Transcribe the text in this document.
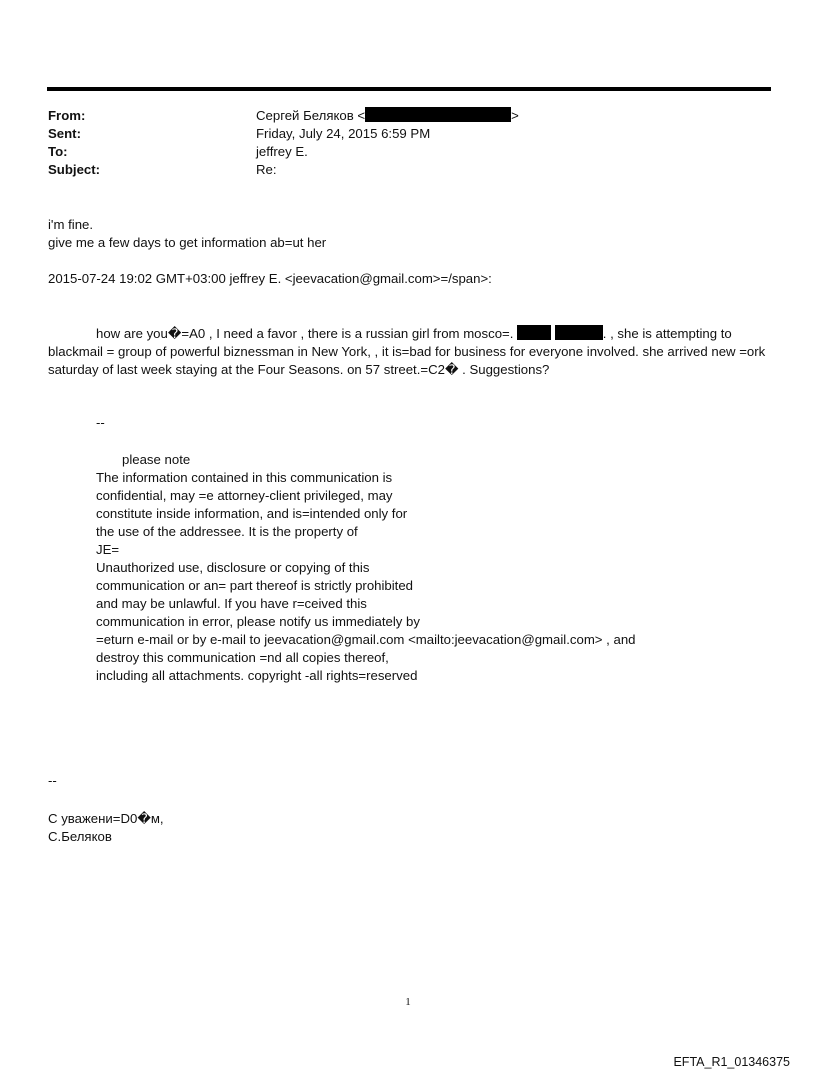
From:	Сергей Беляков <	>
Sent:	Friday, July 24, 2015 6:59 PM
To:	jeffrey E.
Subject:	Re:
i'm fine.
give me a few days to get information ab=ut her
2015-07-24 19:02 GMT+03:00 jeffrey E. <jeevacation@gmail.com>=/span>:
how are you�=A0 , I need a favor , there is a russian girl from mosco=.	. , she is attempting to blackmail = group of powerful biznessman in New York, , it is=bad for business for everyone involved. she arrived new =ork saturday of last week staying at the Four Seasons. on 57 street.=C2� . Suggestions?
--
please note
The information contained in this communication is
confidential, may =e attorney-client privileged, may
constitute inside information, and is=intended only for
the use of the addressee. It is the property of
JE=
Unauthorized use, disclosure or copying of this
communication or an= part thereof is strictly prohibited
and may be unlawful. If you have r=ceived this
communication in error, please notify us immediately by
=eturn e-mail or by e-mail to jeevacation@gmail.com <mailto:jeevacation@gmail.com> , and
destroy this communication =nd all copies thereof,
including all attachments. copyright -all rights=reserved
--
С уважени=D0�м,
С.Беляков
1
EFTA_R1_01346375
